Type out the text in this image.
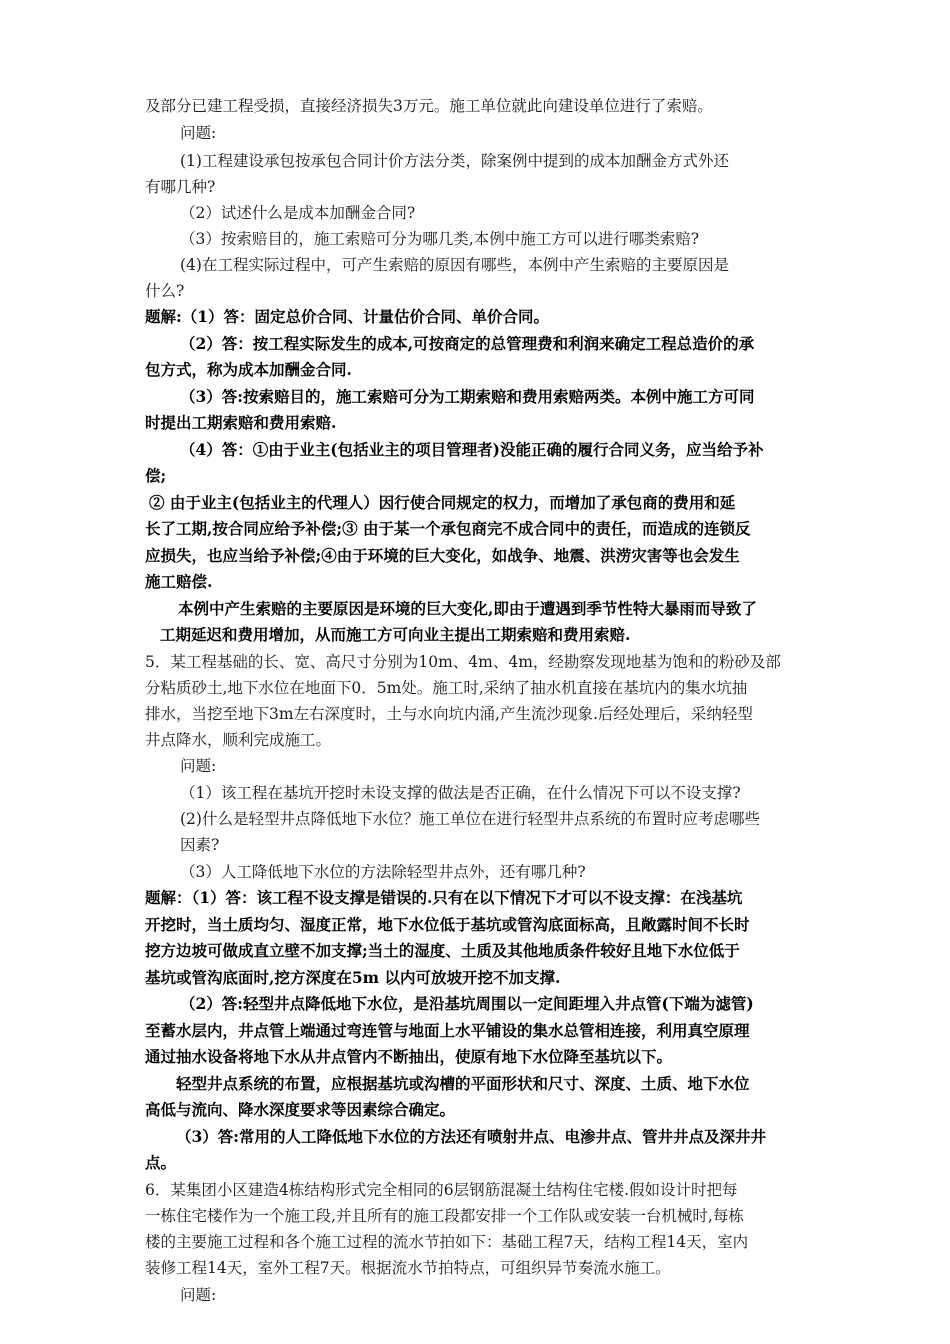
及部分已建工程受损，直接经济损失3万元。施工单位就此向建设单位进行了索赔。
问题:
(1)工程建设承包按承包合同计价方法分类，除案例中提到的成本加酬金方式外还
有哪几种?
（2）试述什么是成本加酬金合同?
（3）按索赔目的，施工索赔可分为哪几类,本例中施工方可以进行哪类索赔?
(4)在工程实际过程中，可产生索赔的原因有哪些，本例中产生索赔的主要原因是
什么?
题解:（1）答：固定总价合同、计量估价合同、单价合同。
（2）答：按工程实际发生的成本,可按商定的总管理费和利润来确定工程总造价的承
包方式，称为成本加酬金合同.
（3）答:按索赔目的，施工索赔可分为工期索赔和费用索赔两类。本例中施工方可同
时提出工期索赔和费用索赔.
（4）答：①由于业主(包括业主的项目管理者)没能正确的履行合同义务，应当给予补
偿;
② 由于业主(包括业主的代理人）因行使合同规定的权力，而增加了承包商的费用和延
长了工期,按合同应给予补偿;③ 由于某一个承包商完不成合同中的责任，而造成的连锁反
应损失，也应当给予补偿;④由于环境的巨大变化，如战争、地震、洪涝灾害等也会发生
施工赔偿.
本例中产生索赔的主要原因是环境的巨大变化,即由于遭遇到季节性特大暴雨而导致了
工期延迟和费用增加，从而施工方可向业主提出工期索赔和费用索赔.
5．某工程基础的长、宽、高尺寸分别为10m、4m、4m，经勘察发现地基为饱和的粉砂及部
分粘质砂土,地下水位在地面下0．5m处。施工时,采纳了抽水机直接在基坑内的集水坑抽
排水，当挖至地下3m左右深度时，土与水向坑内涌,产生流沙现象.后经处理后，采纳轻型
井点降水，顺利完成施工。
问题:
（1）该工程在基坑开挖时未设支撑的做法是否正确，在什么情况下可以不设支撑?
(2)什么是轻型井点降低地下水位？施工单位在进行轻型井点系统的布置时应考虑哪些
因素?
（3）人工降低地下水位的方法除轻型井点外，还有哪几种?
题解：（1）答：该工程不设支撑是错误的.只有在以下情况下才可以不设支撑：在浅基坑
开挖时，当土质均匀、湿度正常，地下水位低于基坑或管沟底面标高，且敞露时间不长时
挖方边坡可做成直立壁不加支撑;当土的湿度、土质及其他地质条件较好且地下水位低于
基坑或管沟底面时,挖方深度在5m 以内可放坡开挖不加支撑.
（2）答:轻型井点降低地下水位，是沿基坑周围以一定间距埋入井点管(下端为滤管)
至蓄水层内，井点管上端通过弯连管与地面上水平铺设的集水总管相连接，利用真空原理
通过抽水设备将地下水从井点管内不断抽出，使原有地下水位降至基坑以下。
轻型井点系统的布置，应根据基坑或沟槽的平面形状和尺寸、深度、土质、地下水位
高低与流向、降水深度要求等因素综合确定。
（3）答:常用的人工降低地下水位的方法还有喷射井点、电渗井点、管井井点及深井井
点。
6．某集团小区建造4栋结构形式完全相同的6层钢筋混凝土结构住宅楼.假如设计时把每
一栋住宅楼作为一个施工段,并且所有的施工段都安排一个工作队或安装一台机械时,每栋
楼的主要施工过程和各个施工过程的流水节拍如下：基础工程7天，结构工程14天，室内
装修工程14天，室外工程7天。根据流水节拍特点，可组织异节奏流水施工。
问题:
